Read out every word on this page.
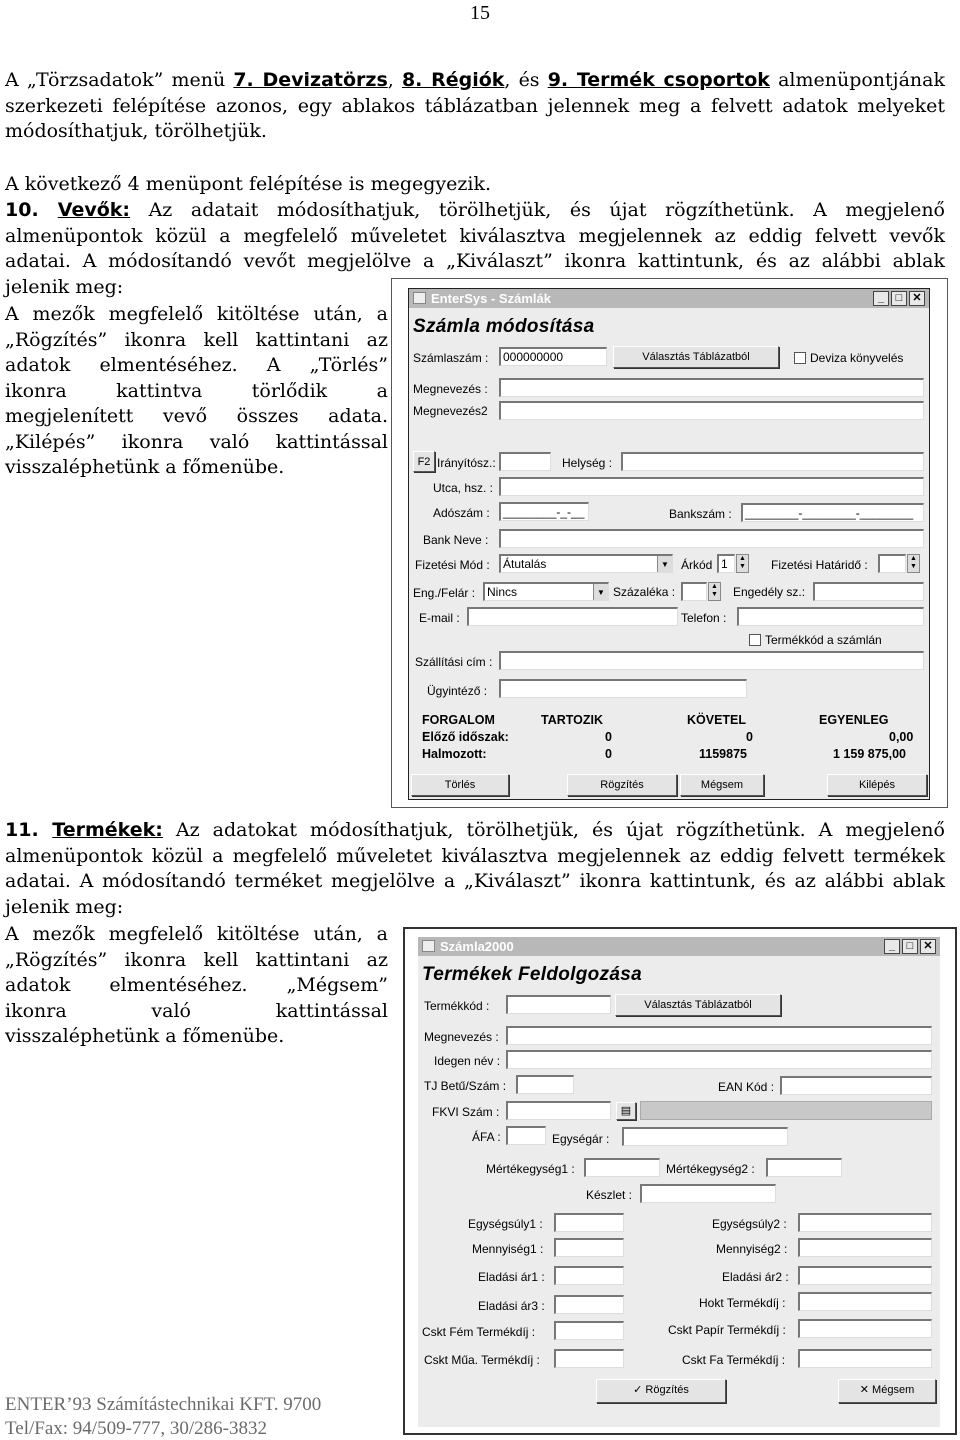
15
A „Törzsadatok” menü 7. Devizatörzs, 8. Régiók, és 9. Termék csoportok almenüpontjának szerkezeti felépítése azonos, egy ablakos táblázatban jelennek meg a felvett adatok melyeket módosíthatjuk, törölhetjük.
A következő 4 menüpont felépítése is megegyezik.
10. Vevők: Az adatait módosíthatjuk, törölhetjük, és újat rögzíthetünk. A megjelenő almenüpontok közül a megfelelő műveletet kiválasztva megjelennek az eddig felvett vevők adatai. A módosítandó vevőt megjelölve a „Kiválaszt” ikonra kattintunk, és az alábbi ablak jelenik meg:
A mezők megfelelő kitöltése után, a
„Rögzítés” ikonra kell kattintani az
adatok elmentéséhez. A „Törlés”
ikonra kattintva törlődik a
megjelenített vevő összes adata.
„Kilépés” ikonra való kattintással
visszaléphetünk a főmenübe.
EnterSys - Számlák	_	□ ✕
Számla módosítása
Számlaszám :	000000000	Választás Táblázatból	Deviza könyvelés
Megnevezés :
Megnevezés2
F2 Irányítósz.:	Helység :
Utca, hsz. :
Adószám :	________-_-__	Bankszám :	________-________-________
Bank Neve :
Fizetési Mód :	Átutalás	▼ Árkód 1	▲
▼ Fizetési Határidő :	▲
▼
Eng./Felár : Nincs	▼ Százaléka :	▲
▼ Engedély sz.:
E-mail :	Telefon :
Termékkód a számlán
Szállítási cím :
Ügyintéző :
FORGALOM	TARTOZIK	KÖVETEL	EGYENLEG
Előző időszak:	0	0	0,00
Halmozott:	0	1159875	1 159 875,00
Törlés	Rögzítés	Mégsem	Kilépés
11. Termékek: Az adatokat módosíthatjuk, törölhetjük, és újat rögzíthetünk. A megjelenő almenüpontok közül a megfelelő műveletet kiválasztva megjelennek az eddig felvett termékek adatai. A módosítandó terméket megjelölve a „Kiválaszt” ikonra kattintunk, és az alábbi ablak jelenik meg:
A mezők megfelelő kitöltése után, a
„Rögzítés” ikonra kell kattintani az
adatok elmentéséhez. „Mégsem”
ikonra való kattintással
visszaléphetünk a főmenübe.
Számla2000	_	□ ✕
Termékek Feldolgozása
Termékkód :	Választás Táblázatból
Megnevezés :
Idegen név :
TJ Betű/Szám :	EAN Kód :
FKVI Szám :	▤
ÁFA :	Egységár :
Mértékegység1 :	Mértékegység2 :
Készlet :
Egységsúly1 :	Egységsúly2 :
Mennyiség1 :	Mennyiség2 :
Eladási ár1 :	Eladási ár2 :
Eladási ár3 :	Hokt Termékdíj :
Cskt Fém Termékdíj :	Cskt Papír Termékdíj :
Cskt Műa. Termékdíj :	Cskt Fa Termékdíj :
✓ Rögzítés	✕ Mégsem
ENTER’93 Számítástechnikai KFT. 9700
Tel/Fax: 94/509-777, 30/286-3832
